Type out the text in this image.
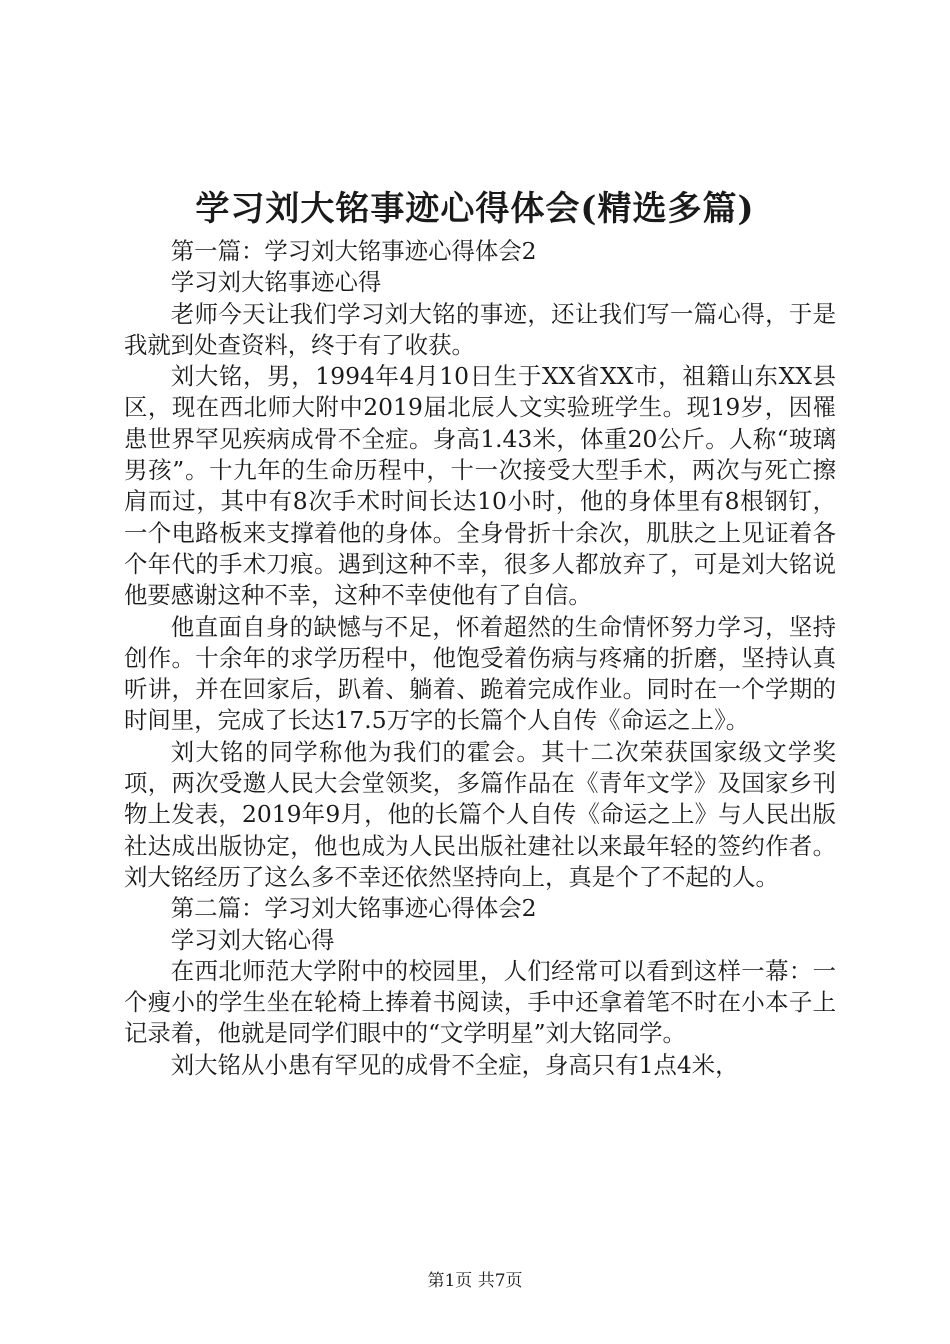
学习刘大铭事迹心得体会(精选多篇)

第一篇：学习刘大铭事迹心得体会2

学习刘大铭事迹心得

老师今天让我们学习刘大铭的事迹，还让我们写一篇心得，于是我就到处查资料，终于有了收获。

刘大铭，男，1994年4月10日生于XX省XX市，祖籍山东XX县区，现在西北师大附中2019届北辰人文实验班学生。现19岁，因罹患世界罕见疾病成骨不全症。身高1.43米，体重20公斤。人称“玻璃男孩”。十九年的生命历程中，十一次接受大型手术，两次与死亡擦肩而过，其中有8次手术时间长达10小时，他的身体里有8根钢钉，一个电路板来支撑着他的身体。全身骨折十余次，肌肤之上见证着各个年代的手术刀痕。遇到这种不幸，很多人都放弃了，可是刘大铭说他要感谢这种不幸，这种不幸使他有了自信。

他直面自身的缺憾与不足，怀着超然的生命情怀努力学习，坚持创作。十余年的求学历程中，他饱受着伤病与疼痛的折磨，坚持认真听讲，并在回家后，趴着、躺着、跪着完成作业。同时在一个学期的时间里，完成了长达17.5万字的长篇个人自传《命运之上》。

刘大铭的同学称他为我们的霍会。其十二次荣获国家级文学奖项，两次受邀人民大会堂领奖，多篇作品在《青年文学》及国家乡刊物上发表，2019年9月，他的长篇个人自传《命运之上》与人民出版社达成出版协定，他也成为人民出版社建社以来最年轻的签约作者。刘大铭经历了这么多不幸还依然坚持向上，真是个了不起的人。

第二篇：学习刘大铭事迹心得体会2

学习刘大铭心得

在西北师范大学附中的校园里，人们经常可以看到这样一幕：一个瘦小的学生坐在轮椅上捧着书阅读，手中还拿着笔不时在小本子上记录着，他就是同学们眼中的“文学明星”刘大铭同学。

刘大铭从小患有罕见的成骨不全症，身高只有1点4米，

第1页 共7页
